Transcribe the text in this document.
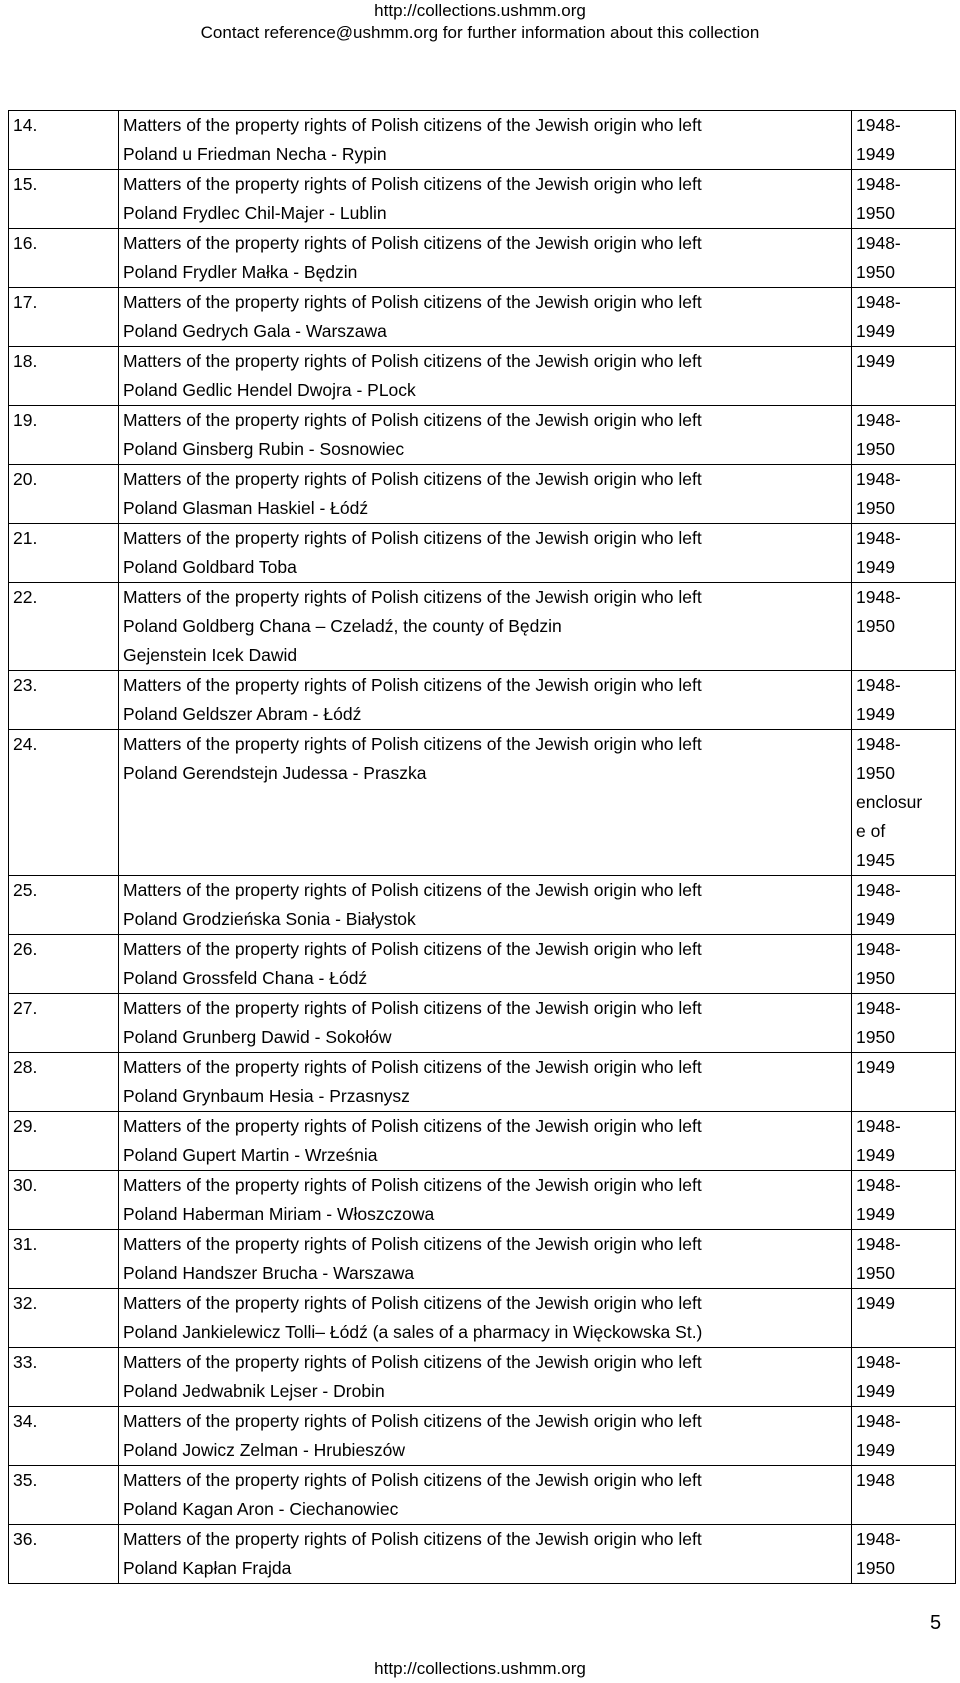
http://collections.ushmm.org
Contact reference@ushmm.org for further information about this collection
14.	Matters of the property rights of Polish citizens of the Jewish origin who left
Poland u Friedman Necha - Rypin	1948-
1949

15.	Matters of the property rights of Polish citizens of the Jewish origin who left
Poland Frydlec Chil-Majer - Lublin	1948-
1950

16.	Matters of the property rights of Polish citizens of the Jewish origin who left
Poland Frydler Małka - Będzin	1948-
1950

17.	Matters of the property rights of Polish citizens of the Jewish origin who left
Poland Gedrych Gala - Warszawa	1948-
1949

18.	Matters of the property rights of Polish citizens of the Jewish origin who left
Poland Gedlic Hendel Dwojra - PLock	1949

19.	Matters of the property rights of Polish citizens of the Jewish origin who left
Poland Ginsberg Rubin - Sosnowiec	1948-
1950

20.	Matters of the property rights of Polish citizens of the Jewish origin who left
Poland Glasman Haskiel - Łódź	1948-
1950

21.	Matters of the property rights of Polish citizens of the Jewish origin who left
Poland Goldbard Toba	1948-
1949

22.	Matters of the property rights of Polish citizens of the Jewish origin who left
Poland Goldberg Chana – Czeladź, the county of Będzin
Gejenstein Icek Dawid	1948-
1950

23.	Matters of the property rights of Polish citizens of the Jewish origin who left
Poland Geldszer Abram - Łódź	1948-
1949

24.	Matters of the property rights of Polish citizens of the Jewish origin who left
Poland Gerendstejn Judessa - Praszka	1948-
1950
enclosur
e of
1945

25.	Matters of the property rights of Polish citizens of the Jewish origin who left
Poland Grodzieńska Sonia - Białystok	1948-
1949

26.	Matters of the property rights of Polish citizens of the Jewish origin who left
Poland Grossfeld Chana - Łódź	1948-
1950

27.	Matters of the property rights of Polish citizens of the Jewish origin who left
Poland Grunberg Dawid - Sokołów	1948-
1950

28.	Matters of the property rights of Polish citizens of the Jewish origin who left
Poland Grynbaum Hesia - Przasnysz	1949

29.	Matters of the property rights of Polish citizens of the Jewish origin who left
Poland Gupert Martin - Września	1948-
1949

30.	Matters of the property rights of Polish citizens of the Jewish origin who left
Poland Haberman Miriam - Włoszczowa	1948-
1949

31.	Matters of the property rights of Polish citizens of the Jewish origin who left
Poland Handszer Brucha - Warszawa	1948-
1950

32.	Matters of the property rights of Polish citizens of the Jewish origin who left
Poland Jankielewicz Tolli– Łódź (a sales of a pharmacy in Więckowska St.)	1949

33.	Matters of the property rights of Polish citizens of the Jewish origin who left
Poland Jedwabnik Lejser - Drobin	1948-
1949

34.	Matters of the property rights of Polish citizens of the Jewish origin who left
Poland Jowicz Zelman - Hrubieszów	1948-
1949

35.	Matters of the property rights of Polish citizens of the Jewish origin who left
Poland Kagan Aron - Ciechanowiec	1948

36.	Matters of the property rights of Polish citizens of the Jewish origin who left
Poland Kapłan Frajda	1948-
1950
5
http://collections.ushmm.org
